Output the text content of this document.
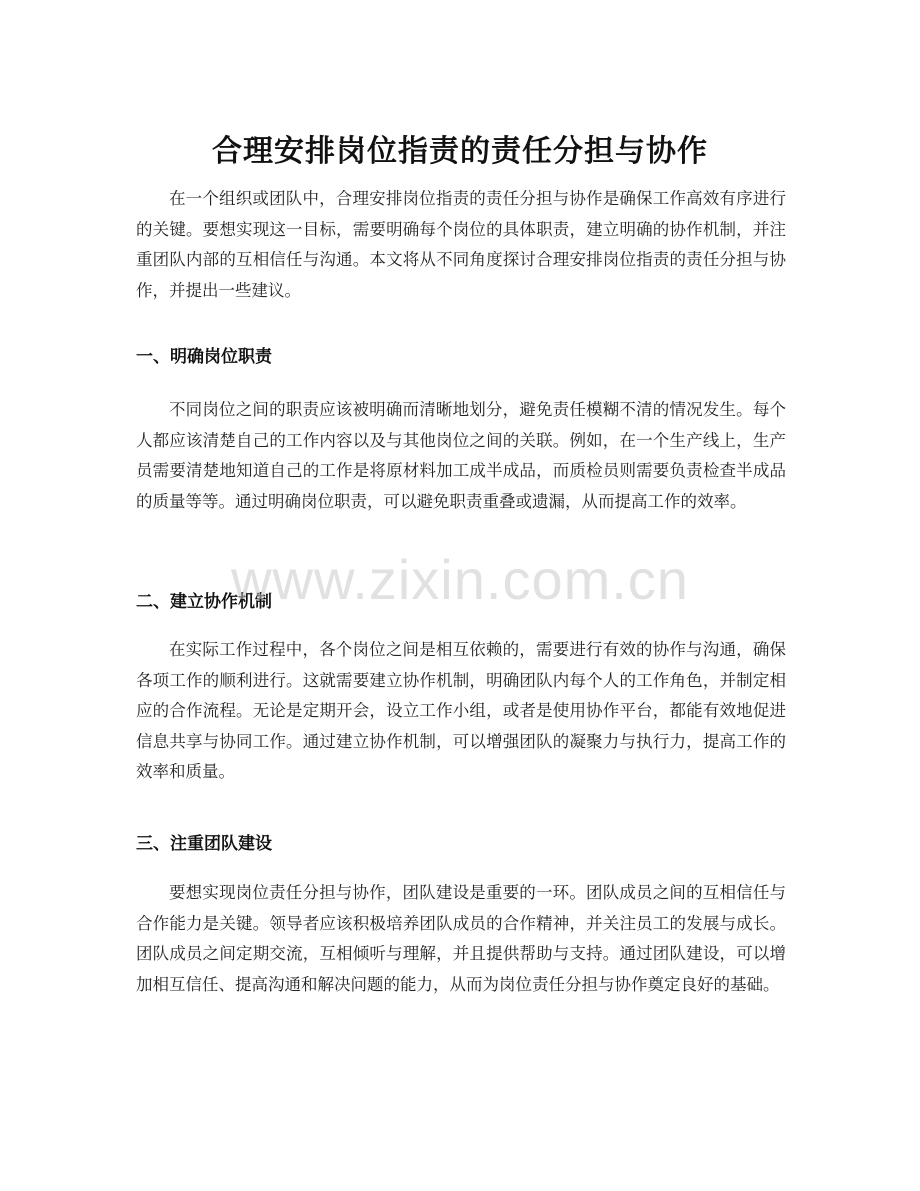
合理安排岗位指责的责任分担与协作

在一个组织或团队中，合理安排岗位指责的责任分担与协作是确保工作高效有序进行的关键。要想实现这一目标，需要明确每个岗位的具体职责，建立明确的协作机制，并注重团队内部的互相信任与沟通。本文将从不同角度探讨合理安排岗位指责的责任分担与协作，并提出一些建议。

一、明确岗位职责

不同岗位之间的职责应该被明确而清晰地划分，避免责任模糊不清的情况发生。每个人都应该清楚自己的工作内容以及与其他岗位之间的关联。例如，在一个生产线上，生产员需要清楚地知道自己的工作是将原材料加工成半成品，而质检员则需要负责检查半成品的质量等等。通过明确岗位职责，可以避免职责重叠或遗漏，从而提高工作的效率。

二、建立协作机制

在实际工作过程中，各个岗位之间是相互依赖的，需要进行有效的协作与沟通，确保各项工作的顺利进行。这就需要建立协作机制，明确团队内每个人的工作角色，并制定相应的合作流程。无论是定期开会，设立工作小组，或者是使用协作平台，都能有效地促进信息共享与协同工作。通过建立协作机制，可以增强团队的凝聚力与执行力，提高工作的效率和质量。

三、注重团队建设

要想实现岗位责任分担与协作，团队建设是重要的一环。团队成员之间的互相信任与合作能力是关键。领导者应该积极培养团队成员的合作精神，并关注员工的发展与成长。团队成员之间定期交流，互相倾听与理解，并且提供帮助与支持。通过团队建设，可以增加相互信任、提高沟通和解决问题的能力，从而为岗位责任分担与协作奠定良好的基础。

www.zixin.com.cn
